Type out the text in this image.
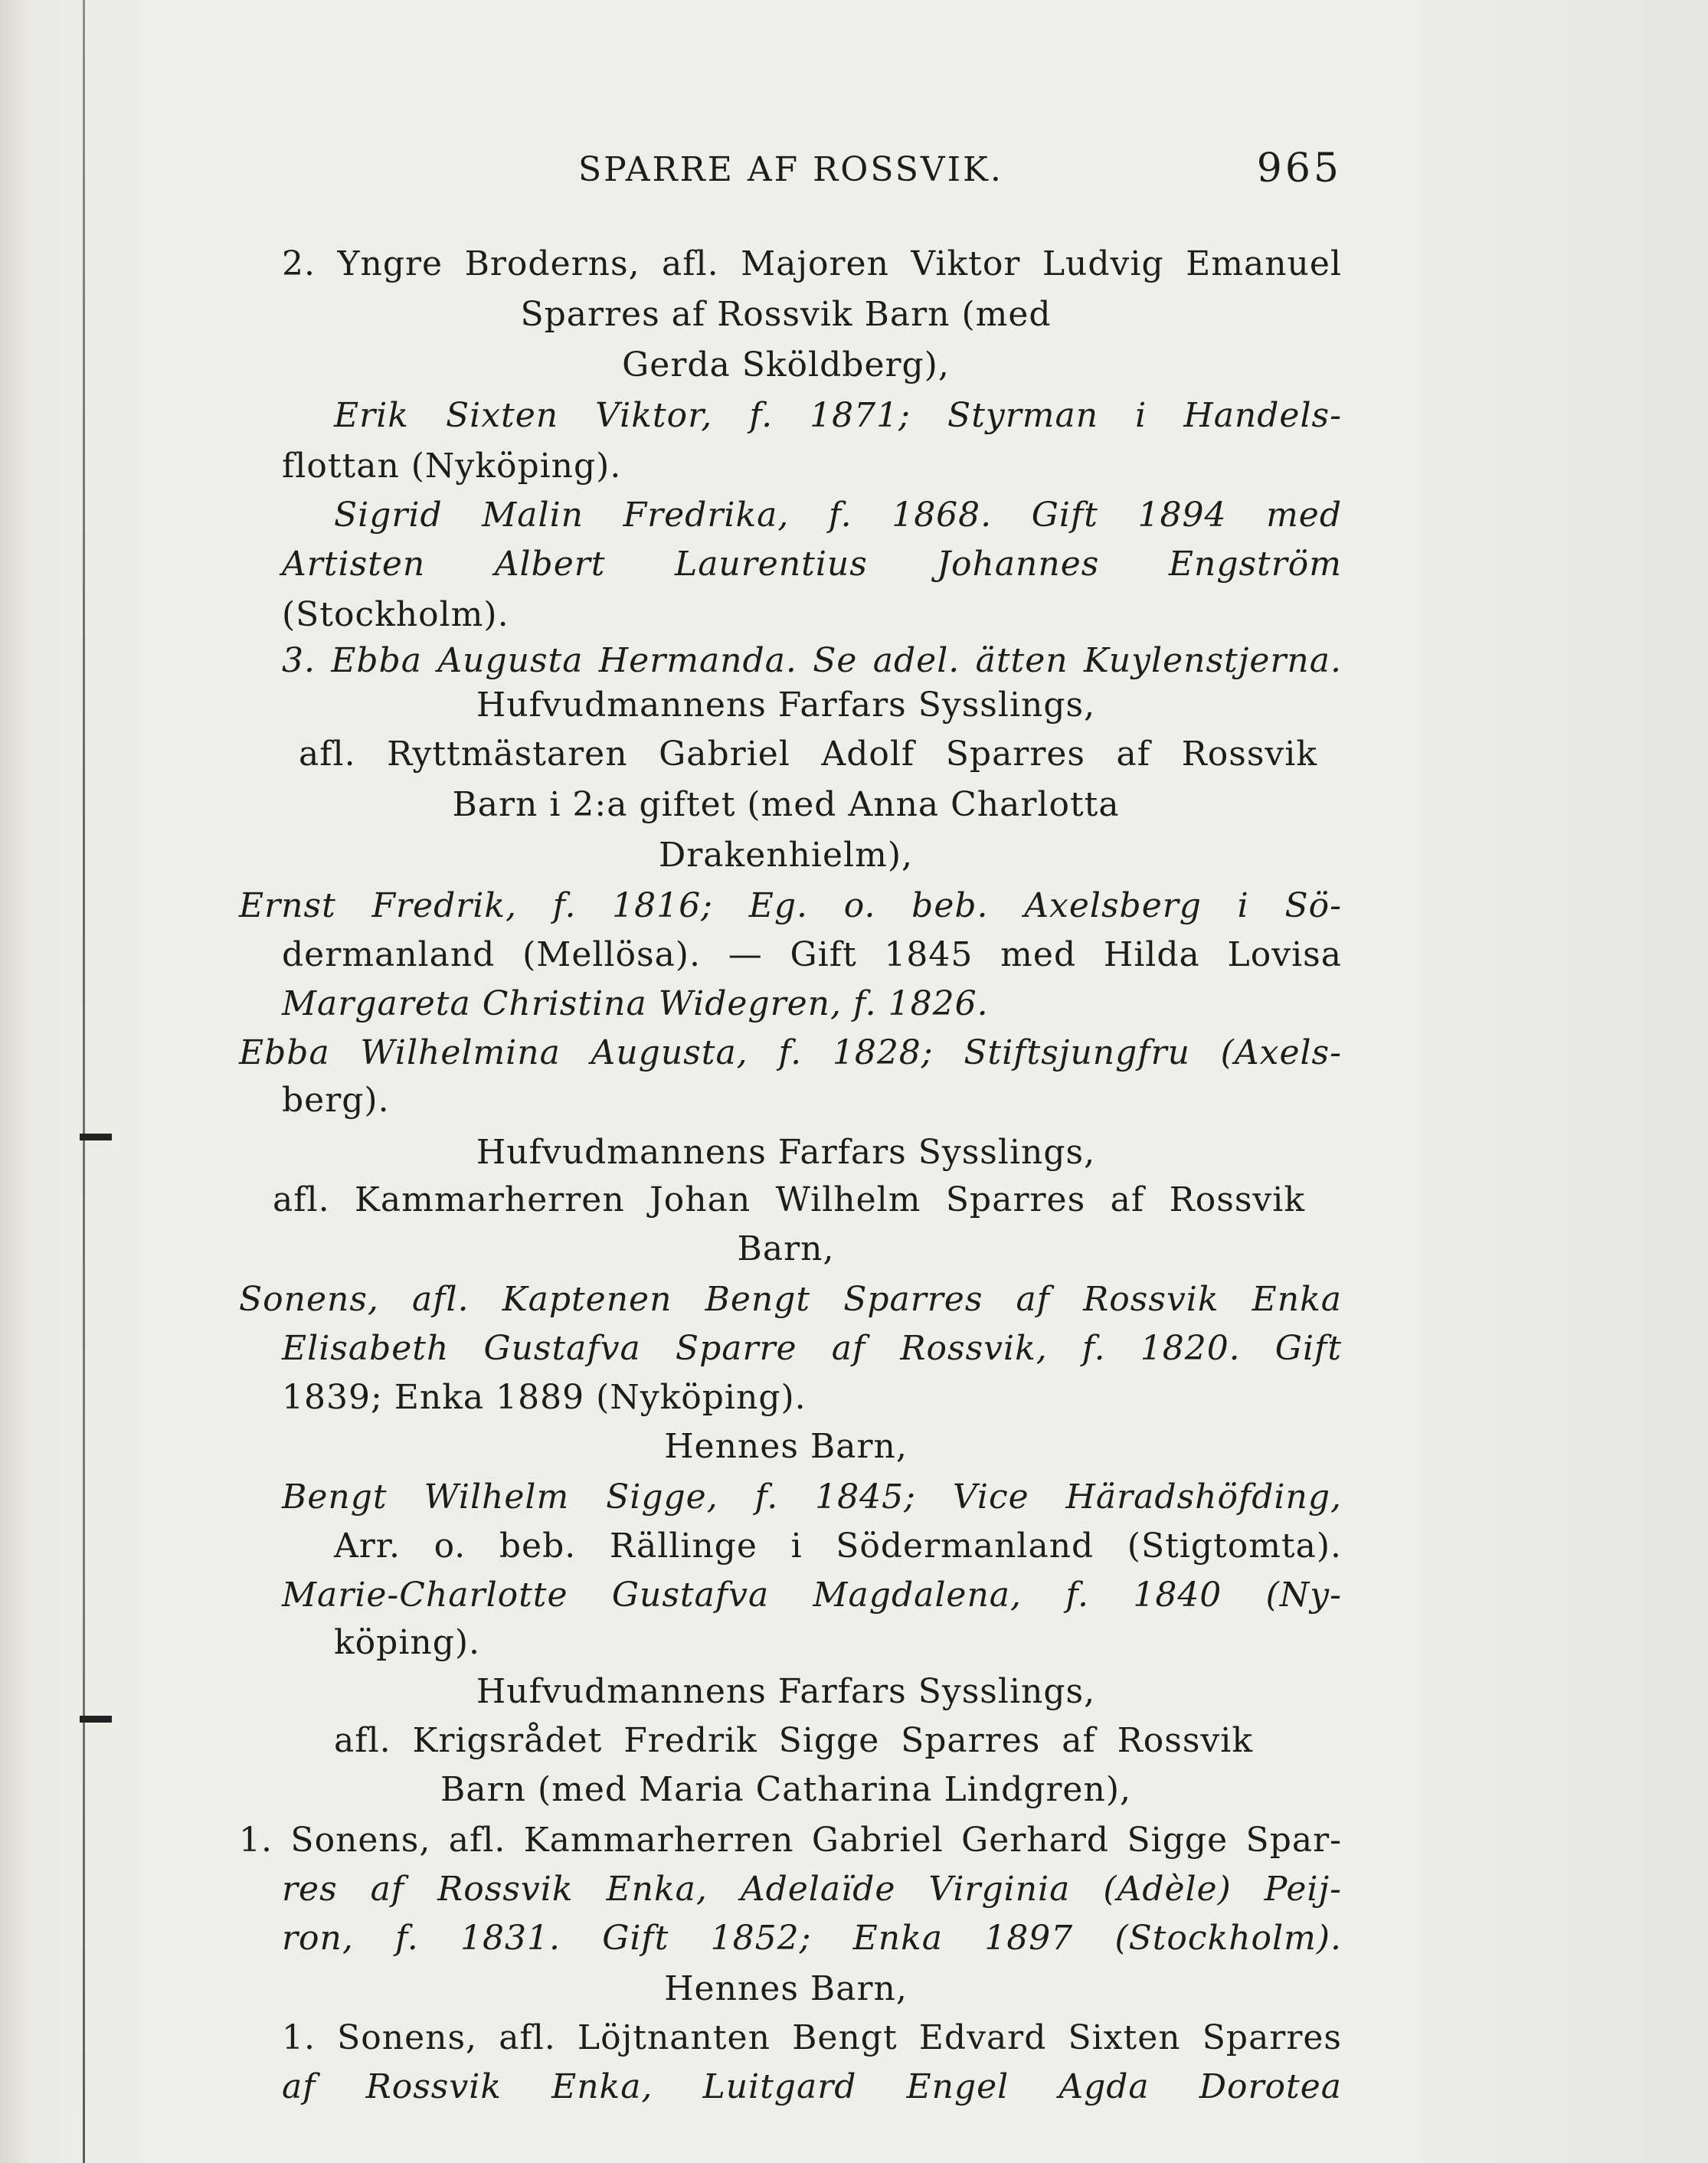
SPARRE AF ROSSVIK.	965
2. Yngre Broderns, afl. Majoren Viktor Ludvig Emanuel
Sparres af Rossvik Barn (med
Gerda Sköldberg),
Erik Sixten Viktor, f. 1871; Styrman i Handels-
flottan (Nyköping).
Sigrid Malin Fredrika, f. 1868. Gift 1894 med
Artisten Albert Laurentius Johannes Engström
(Stockholm).
3. Ebba Augusta Hermanda. Se adel. ätten Kuylenstjerna.
Hufvudmannens Farfars Sysslings,
afl. Ryttmästaren Gabriel Adolf Sparres af Rossvik
Barn i 2:a giftet (med Anna Charlotta
Drakenhielm),
Ernst Fredrik, f. 1816; Eg. o. beb. Axelsberg i Sö-
dermanland (Mellösa). — Gift 1845 med Hilda Lovisa
Margareta Christina Widegren, f. 1826.
Ebba Wilhelmina Augusta, f. 1828; Stiftsjungfru (Axels-
berg).
Hufvudmannens Farfars Sysslings,
afl. Kammarherren Johan Wilhelm Sparres af Rossvik
Barn,
Sonens, afl. Kaptenen Bengt Sparres af Rossvik Enka
Elisabeth Gustafva Sparre af Rossvik, f. 1820. Gift
1839; Enka 1889 (Nyköping).
Hennes Barn,
Bengt Wilhelm Sigge, f. 1845; Vice Häradshöfding,
Arr. o. beb. Rällinge i Södermanland (Stigtomta).
Marie-Charlotte Gustafva Magdalena, f. 1840 (Ny-
köping).
Hufvudmannens Farfars Sysslings,
afl. Krigsrådet Fredrik Sigge Sparres af Rossvik
Barn (med Maria Catharina Lindgren),
1. Sonens, afl. Kammarherren Gabriel Gerhard Sigge Spar-
res af Rossvik Enka, Adelaïde Virginia (Adèle) Peij-
ron, f. 1831. Gift 1852; Enka 1897 (Stockholm).
Hennes Barn,
1. Sonens, afl. Löjtnanten Bengt Edvard Sixten Sparres
af Rossvik Enka, Luitgard Engel Agda Dorotea
